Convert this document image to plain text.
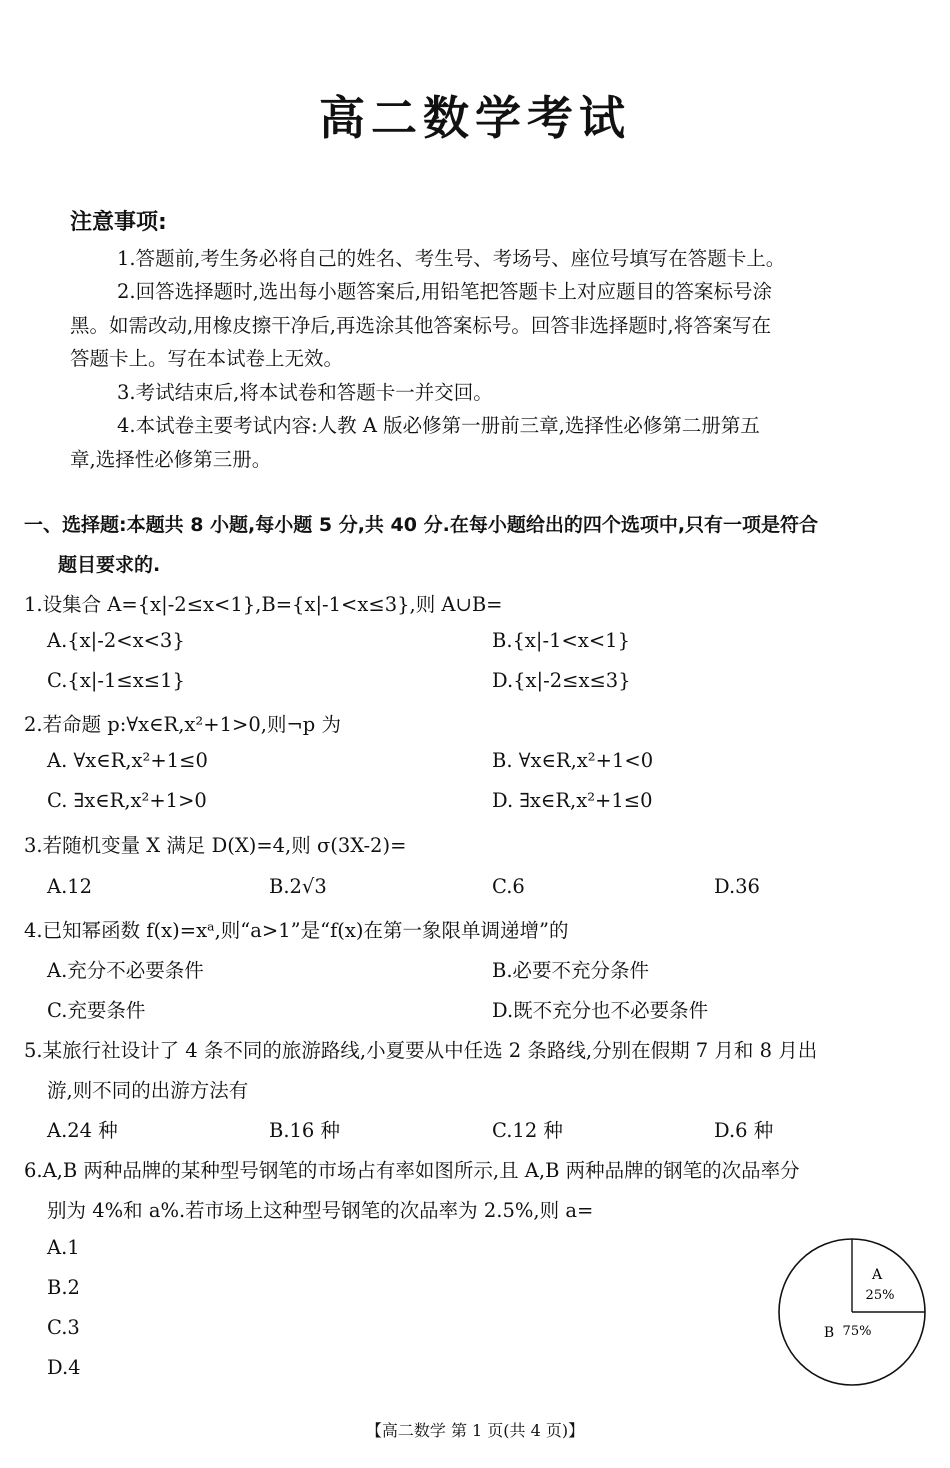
高二数学考试
注意事项:
1.答题前,考生务必将自己的姓名、考生号、考场号、座位号填写在答题卡上。
2.回答选择题时,选出每小题答案后,用铅笔把答题卡上对应题目的答案标号涂
黑。如需改动,用橡皮擦干净后,再选涂其他答案标号。回答非选择题时,将答案写在
答题卡上。写在本试卷上无效。
3.考试结束后,将本试卷和答题卡一并交回。
4.本试卷主要考试内容:人教 A 版必修第一册前三章,选择性必修第二册第五
章,选择性必修第三册。
一、选择题:本题共 8 小题,每小题 5 分,共 40 分.在每小题给出的四个选项中,只有一项是符合
题目要求的.
1.设集合 A={x|-2≤x<1},B={x|-1<x≤3},则 A∪B=
A.{x|-2<x<3}	B.{x|-1<x<1}
C.{x|-1≤x≤1}	D.{x|-2≤x≤3}
2.若命题 p:∀x∈R,x²+1>0,则¬p 为
A. ∀x∈R,x²+1≤0	B. ∀x∈R,x²+1<0
C. ∃x∈R,x²+1>0	D. ∃x∈R,x²+1≤0
3.若随机变量 X 满足 D(X)=4,则 σ(3X-2)=
A.12	B.2√3	C.6	D.36
4.已知幂函数 f(x)=xᵃ,则“a>1”是“f(x)在第一象限单调递增”的
A.充分不必要条件	B.必要不充分条件
C.充要条件	D.既不充分也不必要条件
5.某旅行社设计了 4 条不同的旅游路线,小夏要从中任选 2 条路线,分别在假期 7 月和 8 月出
游,则不同的出游方法有
A.24 种	B.16 种	C.12 种	D.6 种
6.A,B 两种品牌的某种型号钢笔的市场占有率如图所示,且 A,B 两种品牌的钢笔的次品率分
别为 4%和 a%.若市场上这种型号钢笔的次品率为 2.5%,则 a=
A.1
B.2
C.3
D.4
A
25%
B 75%
【高二数学 第 1 页(共 4 页)】
